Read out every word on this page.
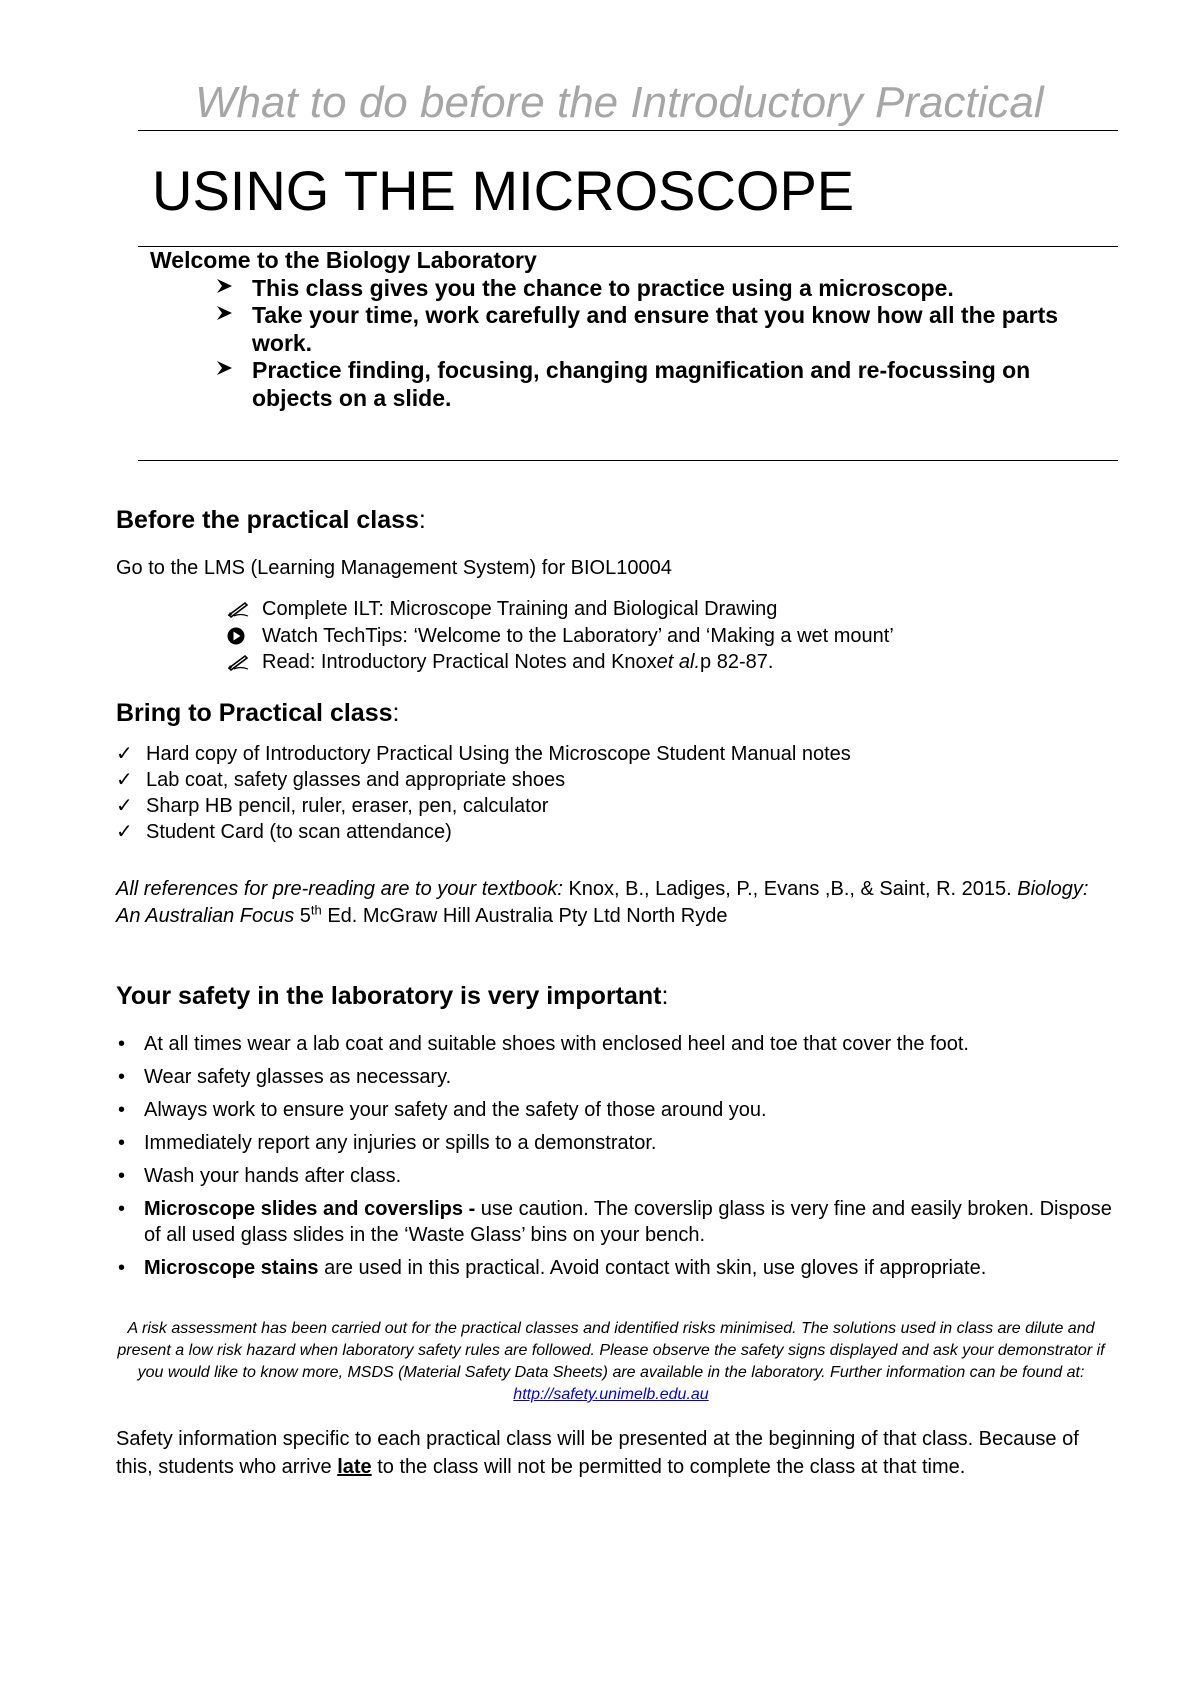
What to do before the Introductory Practical
USING THE MICROSCOPE
Welcome to the Biology Laboratory
This class gives you the chance to practice using a microscope.
Take your time, work carefully and ensure that you know how all the parts work.
Practice finding, focusing, changing magnification and re-focussing on objects on a slide.
Before the practical class:
Go to the LMS (Learning Management System) for BIOL10004
Complete ILT: Microscope Training and Biological Drawing
Watch TechTips: ‘Welcome to the Laboratory’ and ‘Making a wet mount’
Read: Introductory Practical Notes and Knox et al. p 82-87.
Bring to Practical class:
✓ Hard copy of Introductory Practical Using the Microscope Student Manual notes
✓ Lab coat, safety glasses and appropriate shoes
✓ Sharp HB pencil, ruler, eraser, pen, calculator
✓ Student Card (to scan attendance)
All references for pre-reading are to your textbook: Knox, B., Ladiges, P., Evans ,B., & Saint, R. 2015. Biology: An Australian Focus 5th Ed. McGraw Hill Australia Pty Ltd North Ryde
Your safety in the laboratory is very important:
• At all times wear a lab coat and suitable shoes with enclosed heel and toe that cover the foot.
• Wear safety glasses as necessary.
• Always work to ensure your safety and the safety of those around you.
• Immediately report any injuries or spills to a demonstrator.
• Wash your hands after class.
• Microscope slides and coverslips - use caution. The coverslip glass is very fine and easily broken. Dispose of all used glass slides in the ‘Waste Glass’ bins on your bench.
• Microscope stains are used in this practical. Avoid contact with skin, use gloves if appropriate.
A risk assessment has been carried out for the practical classes and identified risks minimised. The solutions used in class are dilute and present a low risk hazard when laboratory safety rules are followed. Please observe the safety signs displayed and ask your demonstrator if you would like to know more, MSDS (Material Safety Data Sheets) are available in the laboratory. Further information can be found at: http://safety.unimelb.edu.au
Safety information specific to each practical class will be presented at the beginning of that class. Because of this, students who arrive late to the class will not be permitted to complete the class at that time.
